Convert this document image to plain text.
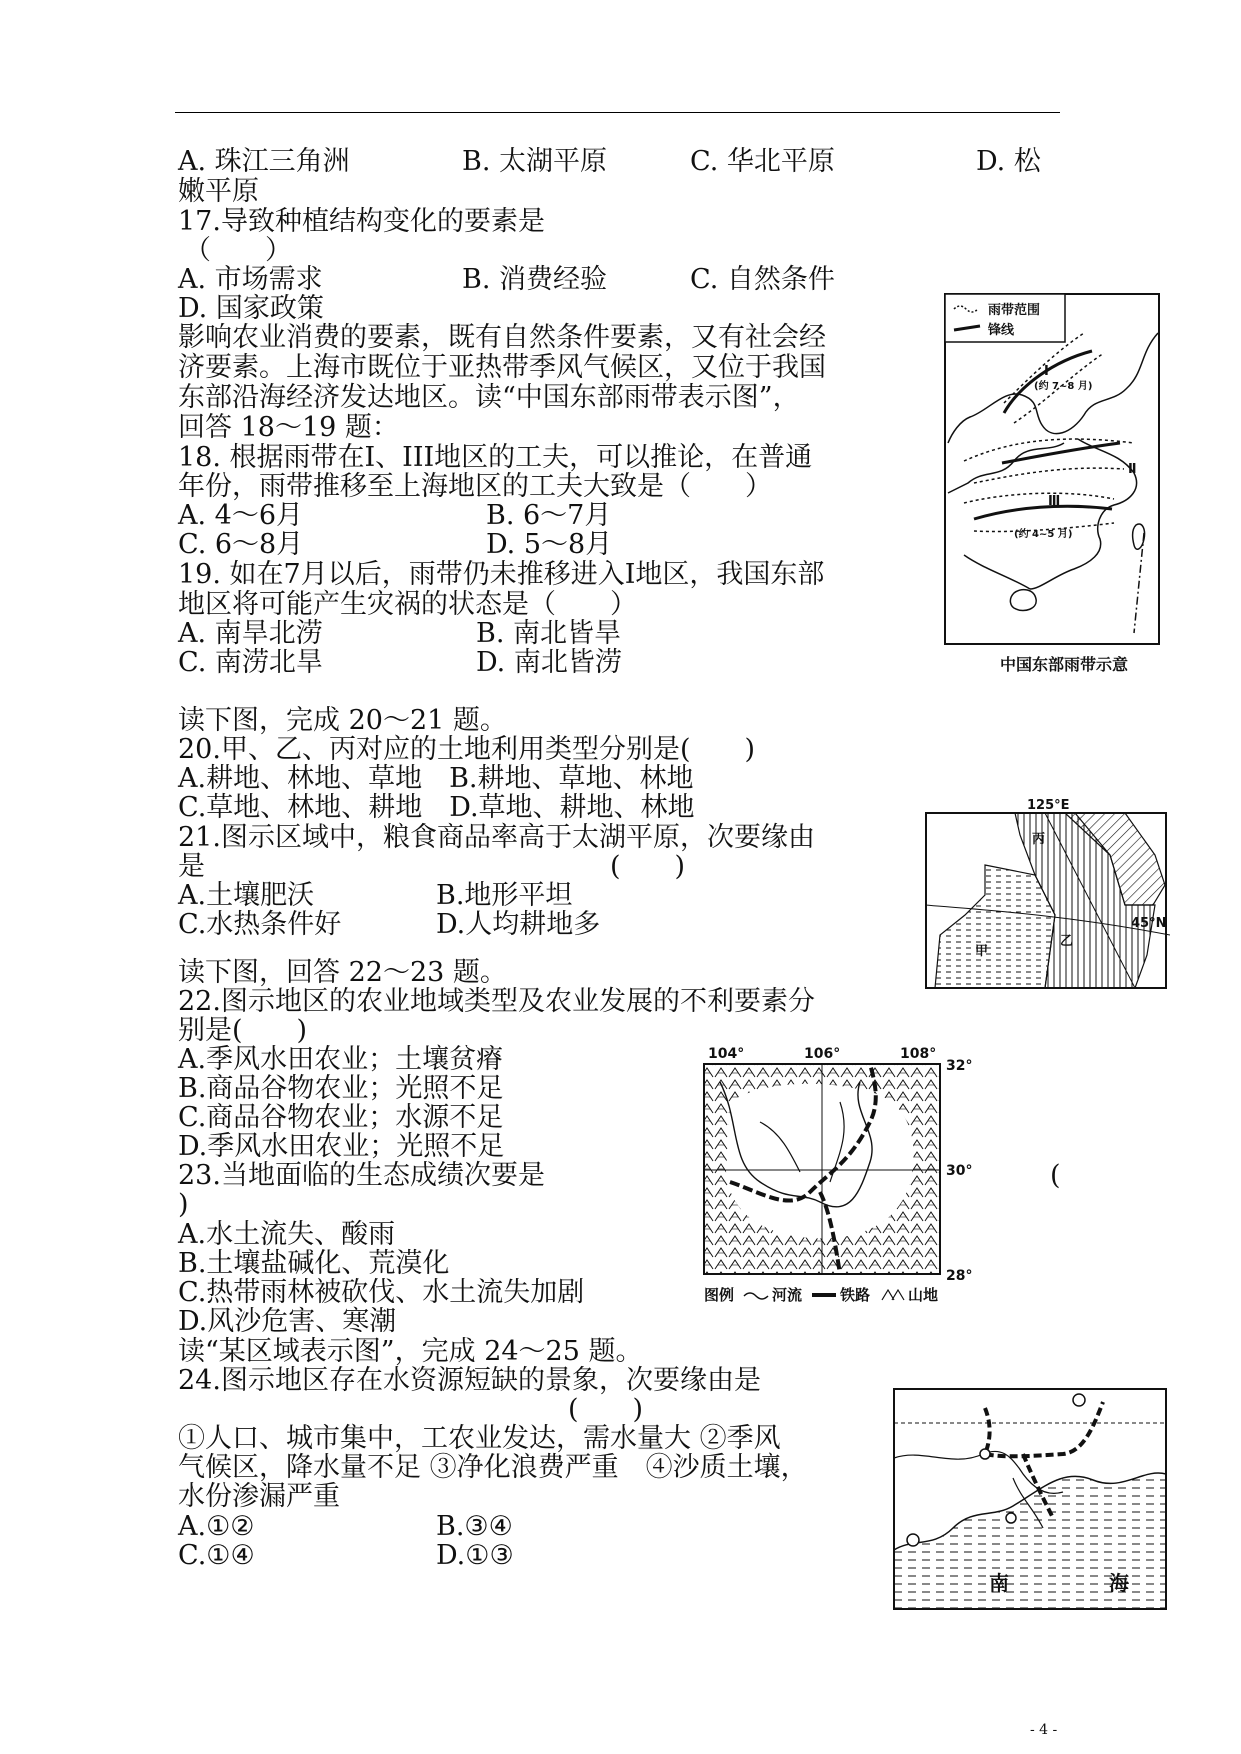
A. 珠江三角洲	B. 太湖平原	C. 华北平原	D. 松
嫩平原
17.导致种植结构变化的要素是
（　　）
A. 市场需求	B. 消费经验	C. 自然条件
D. 国家政策
影响农业消费的要素，既有自然条件要素，又有社会经
济要素。上海市既位于亚热带季风气候区，又位于我国
东部沿海经济发达地区。读“中国东部雨带表示图”，
回答 18～19 题：
18. 根据雨带在I、III地区的工夫，可以推论，在普通
年份，雨带推移至上海地区的工夫大致是（　　）
A. 4～6月	B. 6～7月
C. 6～8月	D. 5～8月
19. 如在7月以后，雨带仍未推移进入I地区，我国东部
地区将可能产生灾祸的状态是（　　）
A. 南旱北涝	B. 南北皆旱
C. 南涝北旱	D. 南北皆涝
雨带范围
锋线
I
(约 7~8 月)
Ⅱ
Ⅲ
(约 4~5 月)
中国东部雨带示意
读下图，完成 20～21 题。
20.甲、乙、丙对应的土地利用类型分别是(　　)
A.耕地、林地、草地　B.耕地、草地、林地
C.草地、林地、耕地　D.草地、耕地、林地
21.图示区域中，粮食商品率高于太湖平原，次要缘由
是	(　　)
A.土壤肥沃	B.地形平坦
C.水热条件好	D.人均耕地多
125°E
45°N
甲
乙
丙
读下图，回答 22～23 题。
22.图示地区的农业地域类型及农业发展的不利要素分
别是(　　)
A.季风水田农业；土壤贫瘠
B.商品谷物农业；光照不足
C.商品谷物农业；水源不足
D.季风水田农业；光照不足
23.当地面临的生态成绩次要是	(
)
A.水土流失、酸雨
B.土壤盐碱化、荒漠化
C.热带雨林被砍伐、水土流失加剧
D.风沙危害、寒潮
104°	106°	108°
32°
30°
28°
图例	河流	铁路	山地
读“某区域表示图”，完成 24～25 题。
24.图示地区存在水资源短缺的景象，次要缘由是
(　　)
①人口、城市集中，工农业发达，需水量大 ②季风
气候区，降水量不足 ③净化浪费严重　④沙质土壤，
水份渗漏严重
A.①②	B.③④
C.①④	D.①③
南	海
- 4 -
